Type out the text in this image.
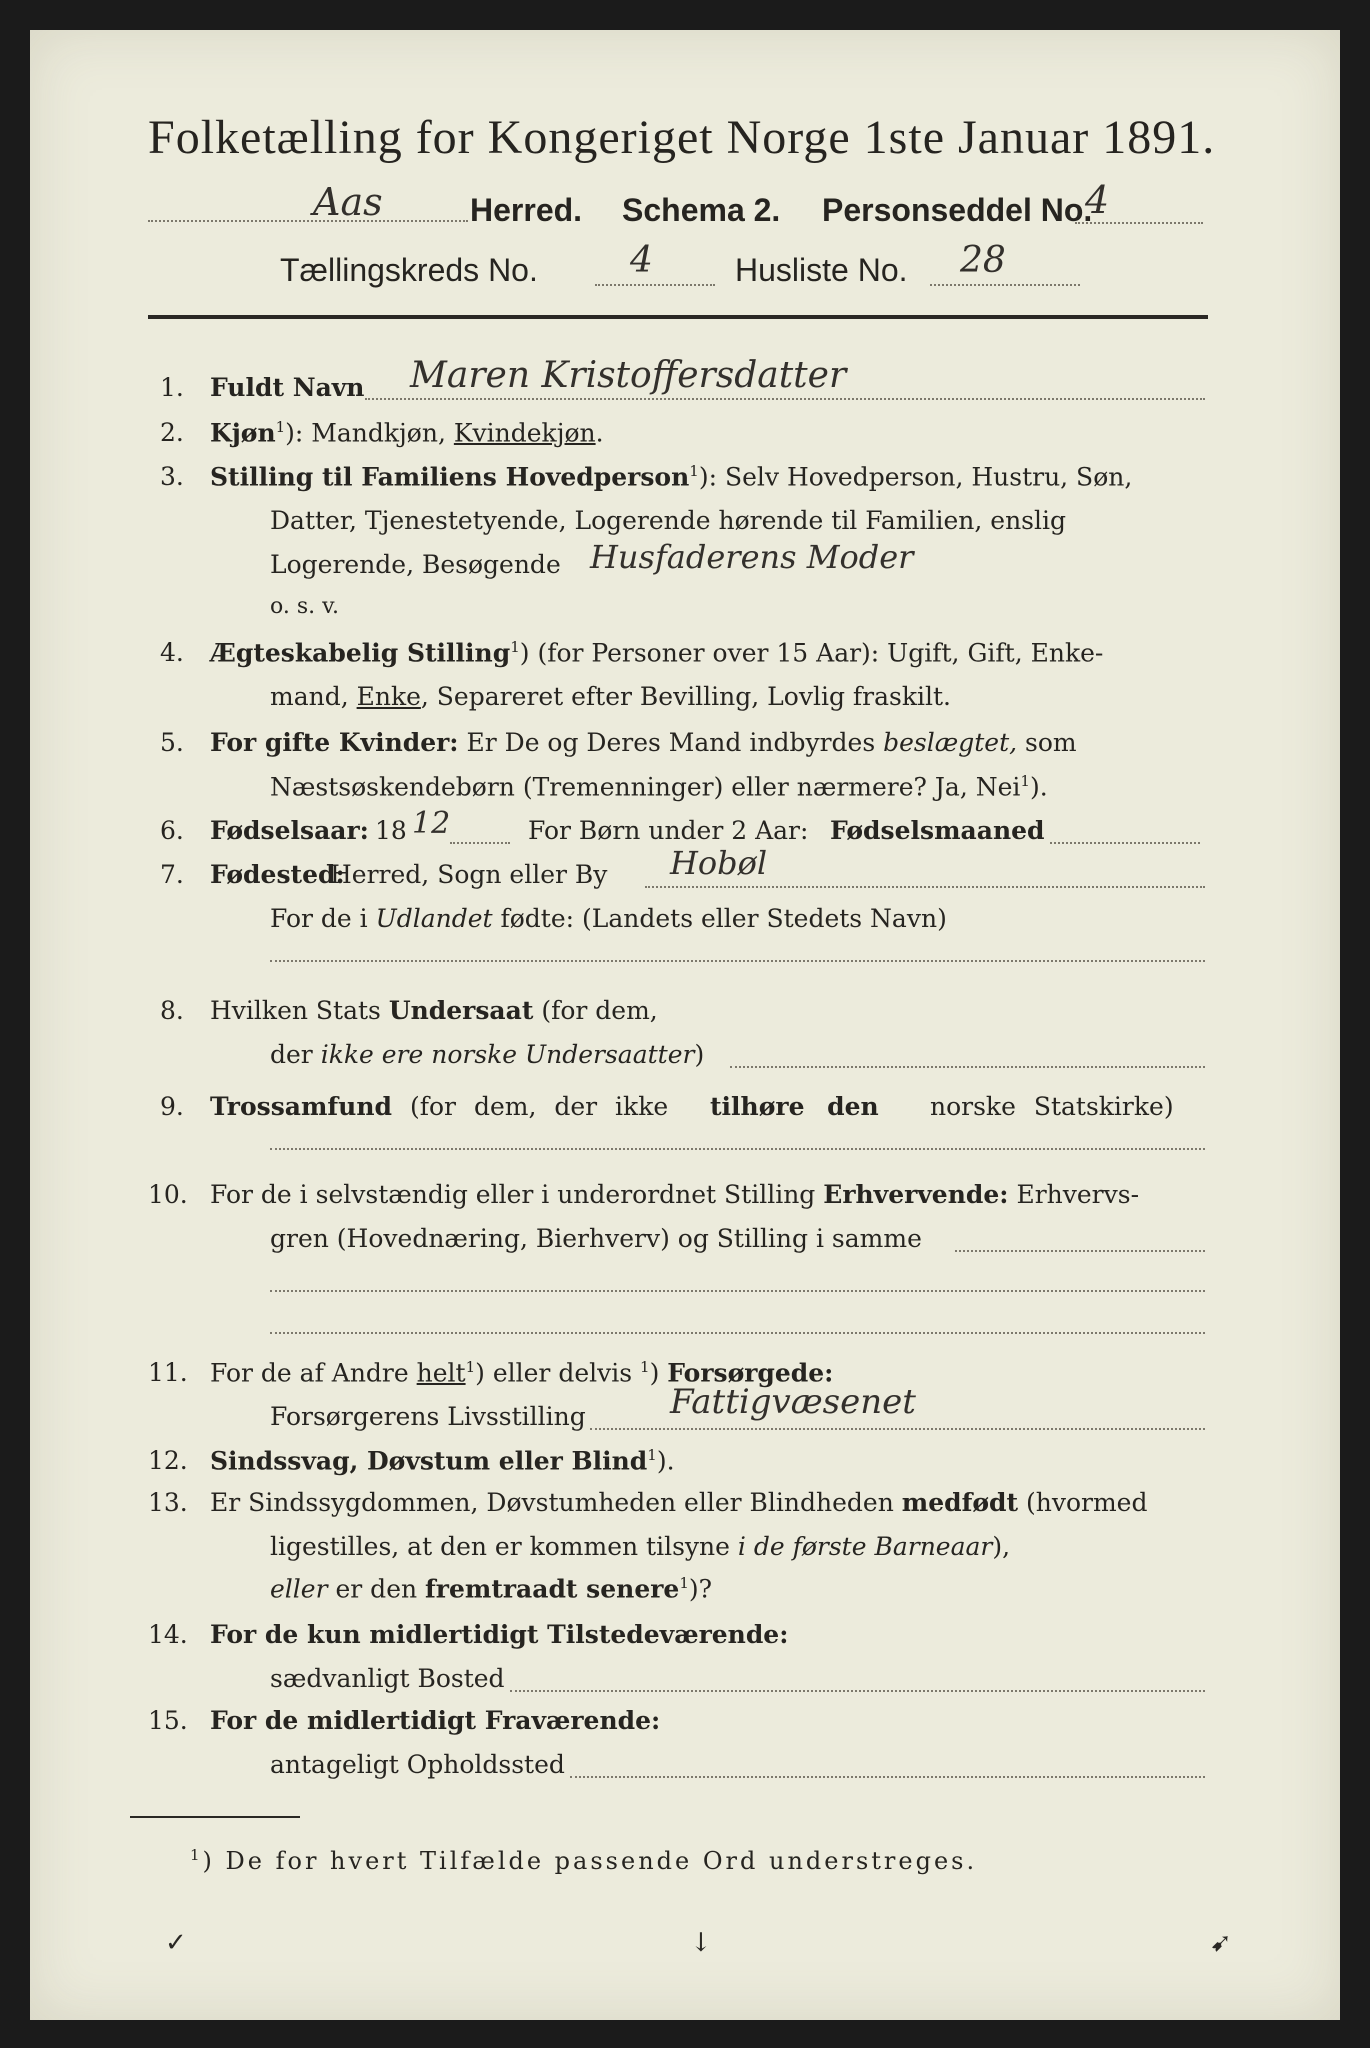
Folketælling for Kongeriget Norge 1ste Januar 1891.
Aas	Herred. Schema 2. Personseddel No.
4
Tællingskreds No.	4	Husliste No. 28
1. Fuldt Navn Maren Kristoffersdatter
2. Kjøn$^1$): Mandkjøn, Kvindekjøn.
3. Stilling til Familiens Hovedperson$^1$): Selv Hovedperson, Hustru, Søn,
Datter, Tjenestetyende, Logerende hørende til Familien, enslig
Logerende, Besøgende Husfaderens Moder
o. s. v.
4. Ægteskabelig Stilling$^1$) (for Personer over 15 Aar): Ugift, Gift, Enke-
mand, Enke, Separeret efter Bevilling, Lovlig fraskilt.
5. For gifte Kvinder: Er De og Deres Mand indbyrdes beslægtet, som
Næstsøskendebørn (Tremenninger) eller nærmere? Ja, Nei$^1$).
6. Fødselsaar: 18 12	For Børn under 2 Aar: Fødselsmaaned
7. Fødested:
Herred, Sogn eller By Hobøl
For de i Udlandet fødte: (Landets eller Stedets Navn)
8. Hvilken Stats Undersaat (for dem,
der ikke ere norske Undersaatter)
9. Trossamfund (for dem, der ikke tilhøre den norske Statskirke)
10. For de i selvstændig eller i underordnet Stilling Erhvervende: Erhvervs-
gren (Hovednæring, Bierhverv) og Stilling i samme
11. For de af Andre helt$^1$) eller delvis $^1$) Forsørgede:
Forsørgerens Livsstilling Fattigvæsenet
12. Sindssvag, Døvstum eller Blind$^1$).
13. Er Sindssygdommen, Døvstumheden eller Blindheden medfødt (hvormed
ligestilles, at den er kommen tilsyne i de første Barneaar),
eller er den fremtraadt senere$^1$)?
14. For de kun midlertidigt Tilstedeværende:
sædvanligt Bosted
15. For de midlertidigt Fraværende:
antageligt Opholdssted
$^1$) De for hvert Tilfælde passende Ord understreges.
✓	↓	➹
